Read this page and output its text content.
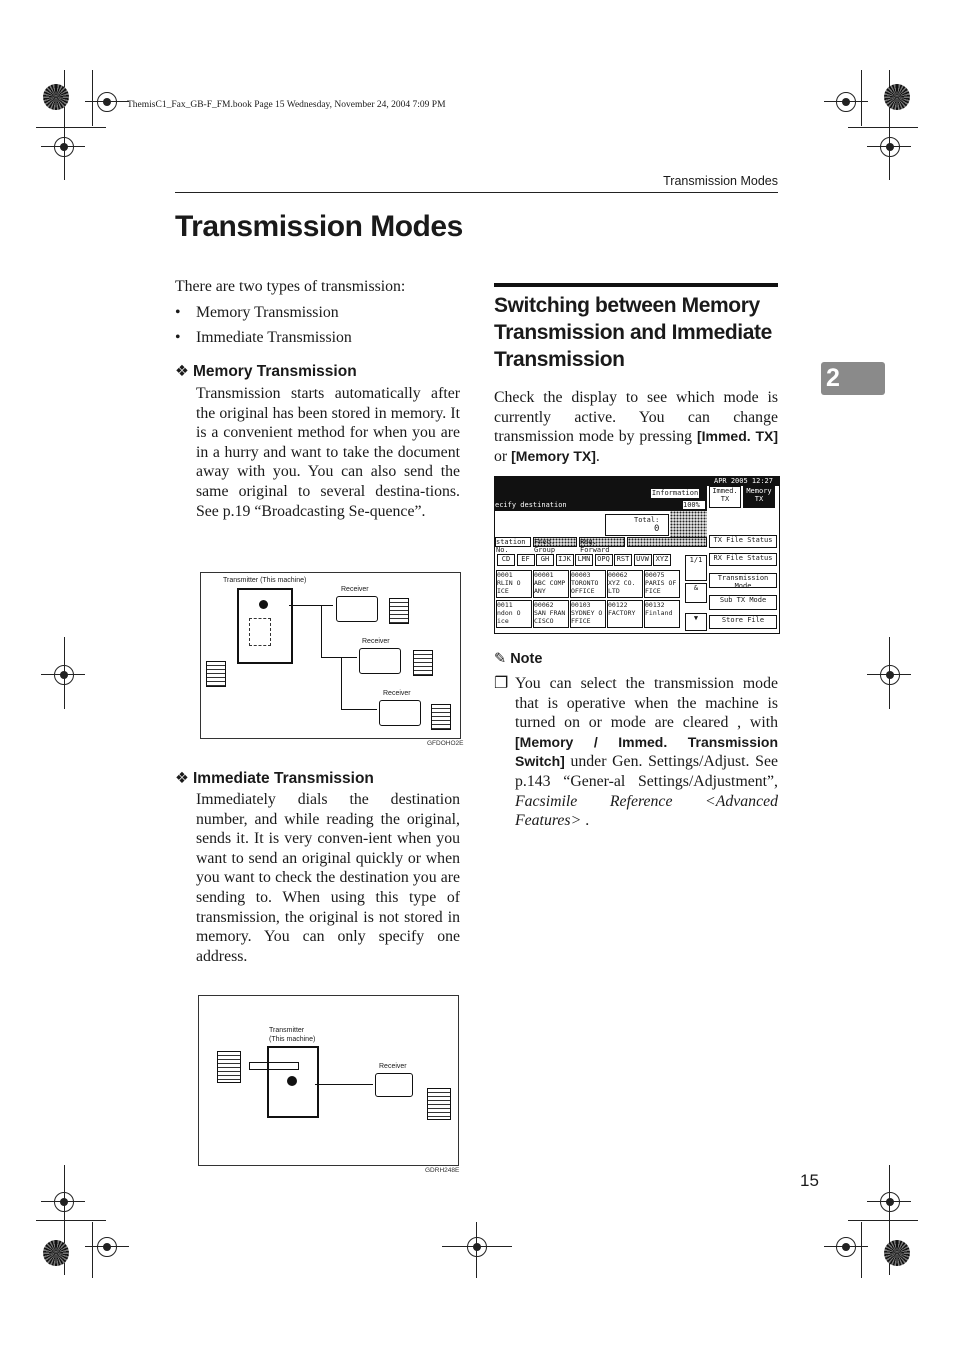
ThemisC1_Fax_GB-F_FM.book Page 15 Wednesday, November 24, 2004 7:09 PM
Transmission Modes
Transmission Modes
2
There are two types of transmission:
• Memory Transmission
• Immediate Transmission
❖ Memory Transmission
Transmission starts automatically after the original has been stored in memory. It is a convenient method for when you are in a hurry and want to take the document away with you. You can also send the same original to several destina-tions. See p.19 “Broadcasting Se-quence”.
Transmitter (This machine)
Receiver
Receiver
Receiver
GFDOHO2E
❖ Immediate Transmission
Immediately dials the destination number, and while reading the original, sends it. It is very conven-ient when you want to send an original quickly or when you want to check the destination you are sending to. When using this type of transmission, the original is not stored in memory. You can only specify one address.
Transmitter
(This machine)
Receiver
GDRH248E
Switching between Memory Transmission and Immediate Transmission
Check the display to see which mode is currently active. You can change transmission mode by pressing [Immed. TX] or [Memory TX].
APR 2005 12:27
Information
100%
ecify destination
Immed. TX
Memory TX
Total:
0
station No.
Freq. Group
Reg. Forward
CD	EF	GH	IJK LMN OPQ RST UVW XYZ
0001 RLIN O ICE
00001 ABC COMP ANY
00003 TORONTO OFFICE
00062 XYZ CO. LTD
00075 PARIS OF FICE
0011 ndon O ice
00062 SAN FRAN CISCO
00103 SYDNEY O FFICE
00122 FACTORY
00132 Finland
1/1
&
▼
TX File Status
RX File Status
Transmission Mode
Sub TX Mode
Store File
✎ Note
❐ You can select the transmission mode that is operative when the machine is turned on or mode are cleared , with [Memory / Immed. Transmission Switch] under Gen. Settings/Adjust. See p.143 “Gener-al Settings/Adjustment”, Facsimile Reference <Advanced Features> .
15
